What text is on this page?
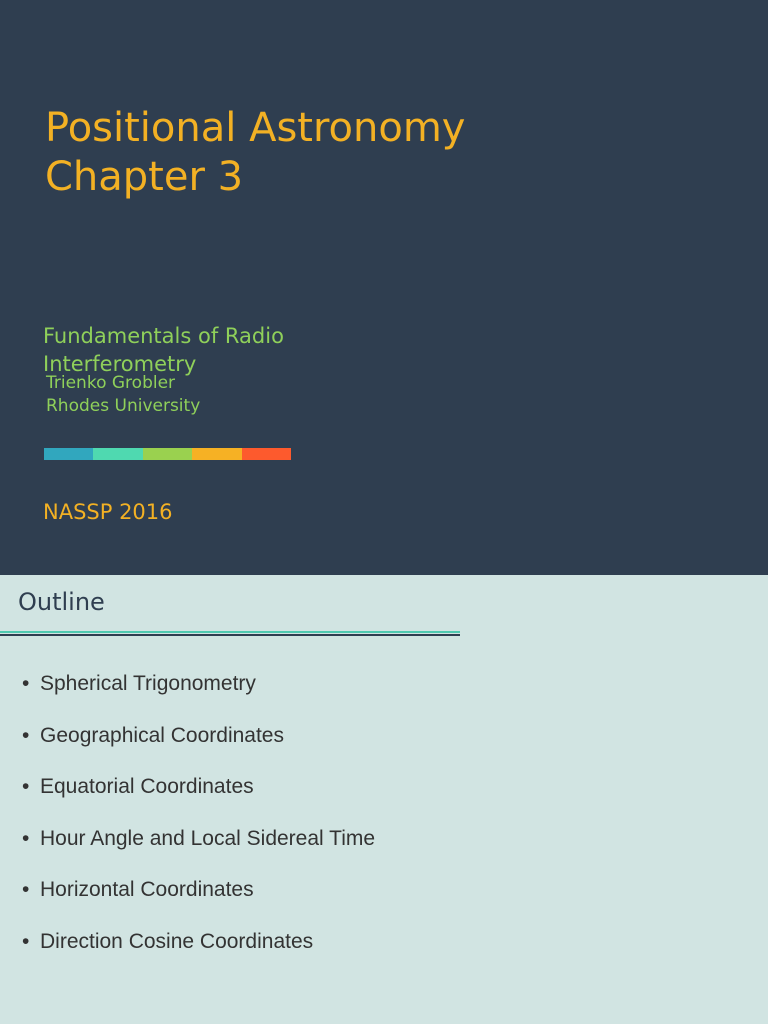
Positional Astronomy
Chapter 3
Fundamentals of Radio
Interferometry
Trienko Grobler
Rhodes University
NASSP 2016
Outline
• Spherical Trigonometry
• Geographical Coordinates
• Equatorial Coordinates
• Hour Angle and Local Sidereal Time
• Horizontal Coordinates
• Direction Cosine Coordinates
